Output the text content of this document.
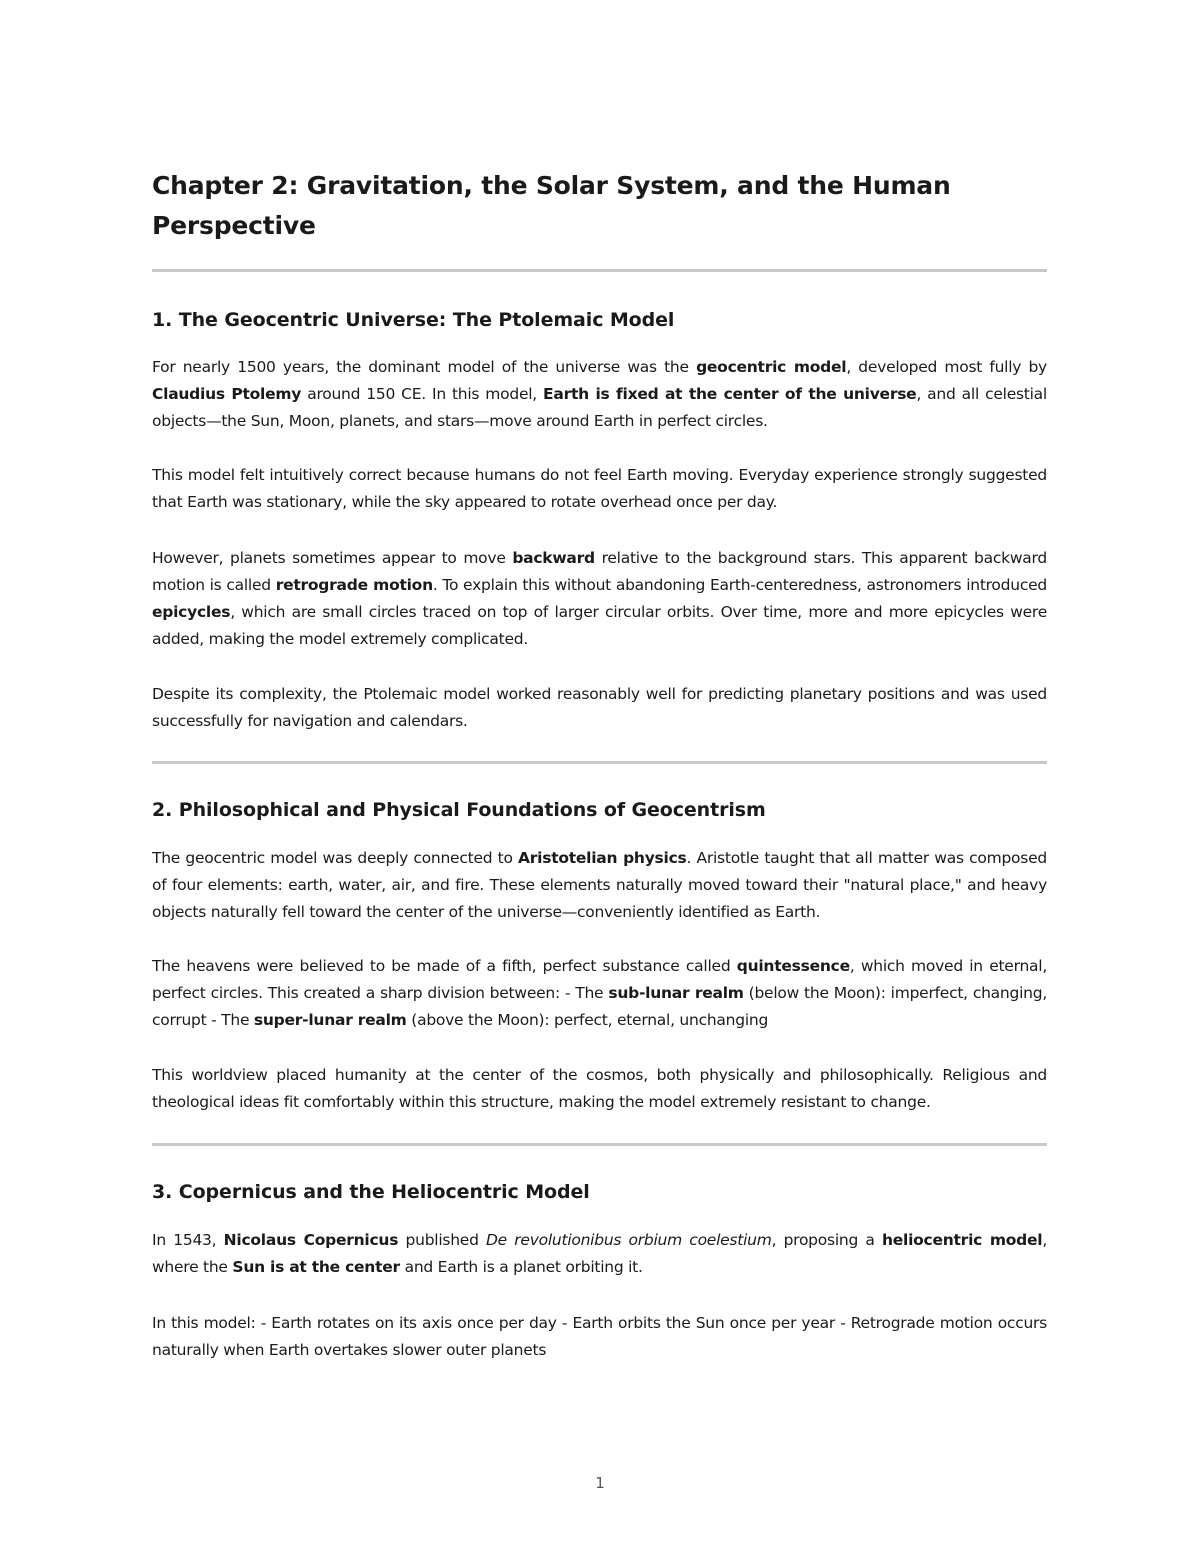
Chapter 2: Gravitation, the Solar System, and the Human Perspective
1. The Geocentric Universe: The Ptolemaic Model

For nearly 1500 years, the dominant model of the universe was the geocentric model, developed most fully by Claudius Ptolemy around 150 CE. In this model, Earth is fixed at the center of the universe, and all celestial objects—the Sun, Moon, planets, and stars—move around Earth in perfect circles.

This model felt intuitively correct because humans do not feel Earth moving. Everyday experience strongly suggested that Earth was stationary, while the sky appeared to rotate overhead once per day.

However, planets sometimes appear to move backward relative to the background stars. This apparent backward motion is called retrograde motion. To explain this without abandoning Earth-centeredness, astronomers introduced epicycles, which are small circles traced on top of larger circular orbits. Over time, more and more epicycles were added, making the model extremely complicated.

Despite its complexity, the Ptolemaic model worked reasonably well for predicting planetary positions and was used successfully for navigation and calendars.

2. Philosophical and Physical Foundations of Geocentrism

The geocentric model was deeply connected to Aristotelian physics. Aristotle taught that all matter was composed of four elements: earth, water, air, and fire. These elements naturally moved toward their "natural place," and heavy objects naturally fell toward the center of the universe—conveniently identified as Earth.

The heavens were believed to be made of a fifth, perfect substance called quintessence, which moved in eternal, perfect circles. This created a sharp division between: - The sub-lunar realm (below the Moon): imperfect, changing, corrupt - The super-lunar realm (above the Moon): perfect, eternal, unchanging

This worldview placed humanity at the center of the cosmos, both physically and philosophically. Religious and theological ideas fit comfortably within this structure, making the model extremely resistant to change.

3. Copernicus and the Heliocentric Model

In 1543, Nicolaus Copernicus published De revolutionibus orbium coelestium, proposing a heliocentric model, where the Sun is at the center and Earth is a planet orbiting it.

In this model: - Earth rotates on its axis once per day - Earth orbits the Sun once per year - Retrograde motion occurs naturally when Earth overtakes slower outer planets

1
